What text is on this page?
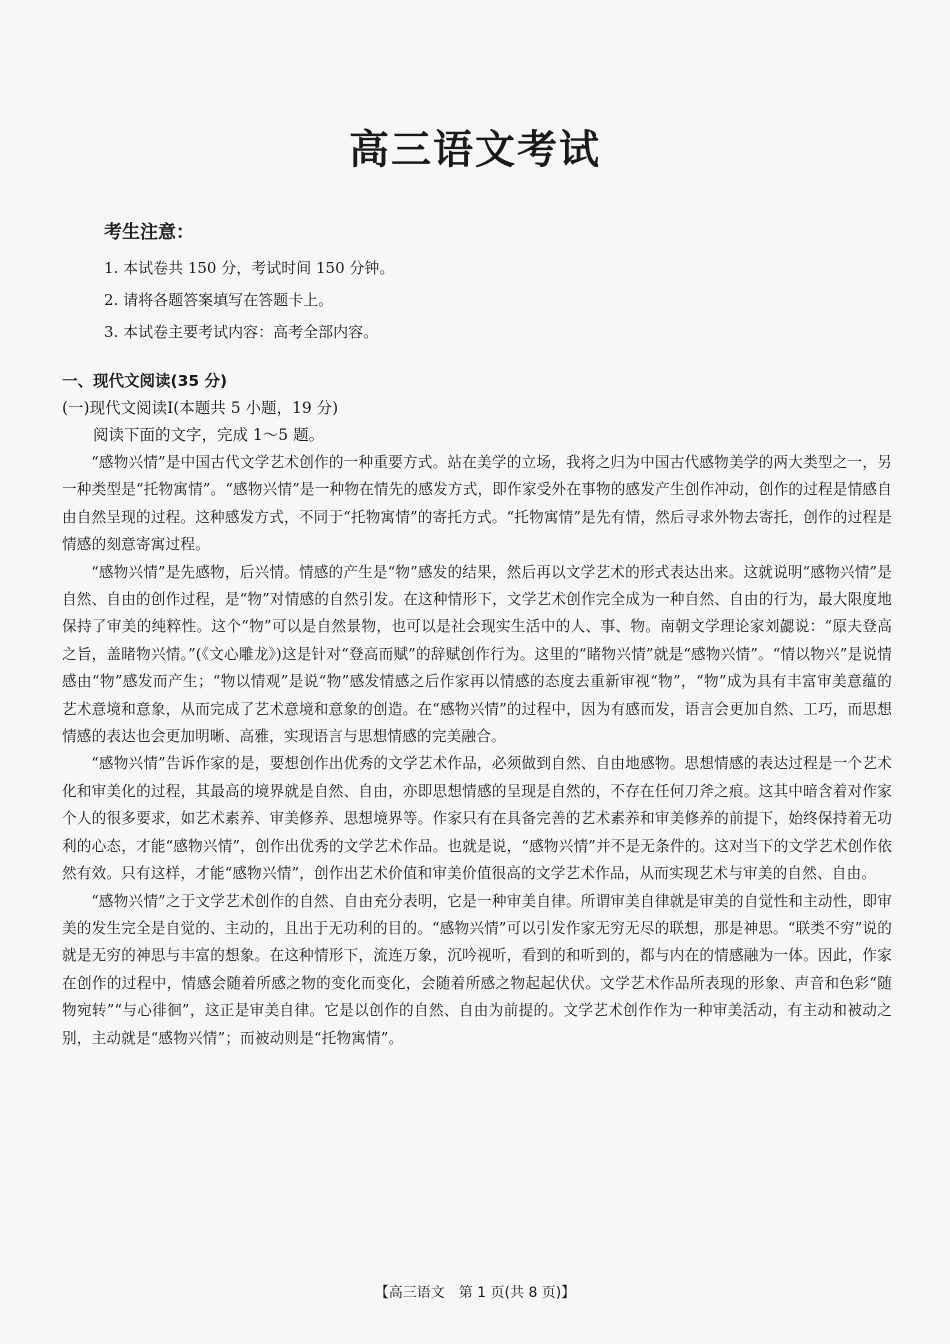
高三语文考试
考生注意：
1. 本试卷共 150 分，考试时间 150 分钟。
2. 请将各题答案填写在答题卡上。
3. 本试卷主要考试内容：高考全部内容。
一、现代文阅读(35 分)
(一)现代文阅读Ⅰ(本题共 5 小题，19 分)
阅读下面的文字，完成 1～5 题。

“感物兴情”是中国古代文学艺术创作的一种重要方式。站在美学的立场，我将之归为中国古代感物美学的两大类型之一，另一种类型是“托物寓情”。“感物兴情”是一种物在情先的感发方式，即作家受外在事物的感发产生创作冲动，创作的过程是情感自由自然呈现的过程。这种感发方式，不同于“托物寓情”的寄托方式。“托物寓情”是先有情，然后寻求外物去寄托，创作的过程是情感的刻意寄寓过程。

“感物兴情”是先感物，后兴情。情感的产生是“物”感发的结果，然后再以文学艺术的形式表达出来。这就说明“感物兴情”是自然、自由的创作过程，是“物”对情感的自然引发。在这种情形下，文学艺术创作完全成为一种自然、自由的行为，最大限度地保持了审美的纯粹性。这个“物”可以是自然景物，也可以是社会现实生活中的人、事、物。南朝文学理论家刘勰说：“原夫登高之旨，盖睹物兴情。”(《文心雕龙》)这是针对“登高而赋”的辞赋创作行为。这里的“睹物兴情”就是“感物兴情”。“情以物兴”是说情感由“物”感发而产生；“物以情观”是说“物”感发情感之后作家再以情感的态度去重新审视“物”，“物”成为具有丰富审美意蕴的艺术意境和意象，从而完成了艺术意境和意象的创造。在“感物兴情”的过程中，因为有感而发，语言会更加自然、工巧，而思想情感的表达也会更加明晰、高雅，实现语言与思想情感的完美融合。

“感物兴情”告诉作家的是，要想创作出优秀的文学艺术作品，必须做到自然、自由地感物。思想情感的表达过程是一个艺术化和审美化的过程，其最高的境界就是自然、自由，亦即思想情感的呈现是自然的，不存在任何刀斧之痕。这其中暗含着对作家个人的很多要求，如艺术素养、审美修养、思想境界等。作家只有在具备完善的艺术素养和审美修养的前提下，始终保持着无功利的心态，才能“感物兴情”，创作出优秀的文学艺术作品。也就是说，“感物兴情”并不是无条件的。这对当下的文学艺术创作依然有效。只有这样，才能“感物兴情”，创作出艺术价值和审美价值很高的文学艺术作品，从而实现艺术与审美的自然、自由。

“感物兴情”之于文学艺术创作的自然、自由充分表明，它是一种审美自律。所谓审美自律就是审美的自觉性和主动性，即审美的发生完全是自觉的、主动的，且出于无功利的目的。“感物兴情”可以引发作家无穷无尽的联想，那是神思。“联类不穷”说的就是无穷的神思与丰富的想象。在这种情形下，流连万象，沉吟视听，看到的和听到的，都与内在的情感融为一体。因此，作家在创作的过程中，情感会随着所感之物的变化而变化，会随着所感之物起起伏伏。文学艺术作品所表现的形象、声音和色彩“随物宛转”“与心徘徊”，这正是审美自律。它是以创作的自然、自由为前提的。文学艺术创作作为一种审美活动，有主动和被动之别，主动就是“感物兴情”；而被动则是“托物寓情”。

【高三语文　第 1 页(共 8 页)】
